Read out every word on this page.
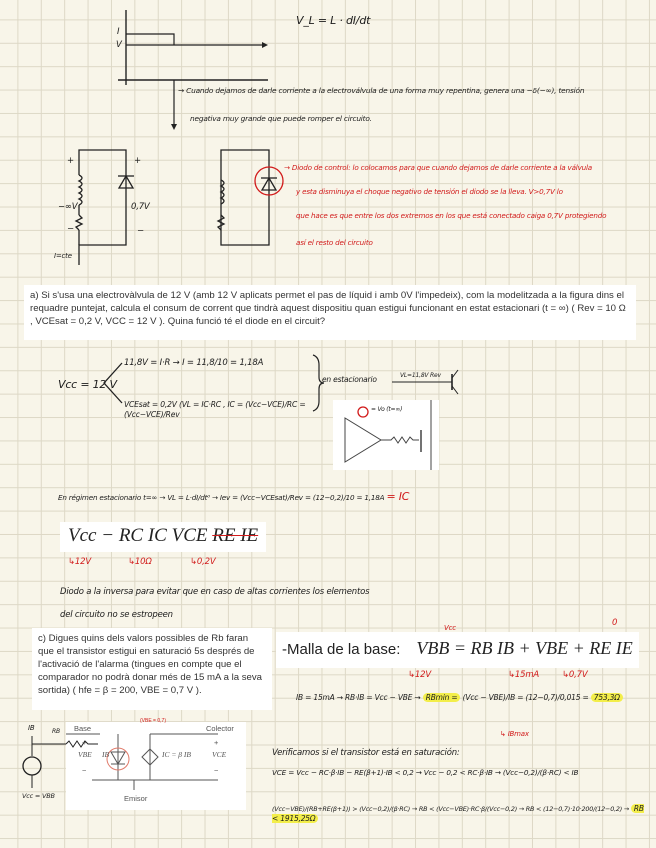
I
V
V_L = L · dI/dt
→ Cuando dejamos de darle corriente a la electroválvula de una forma muy repentina, genera una −δ(−∞), tensión
negativa muy grande que puede romper el circuito.
+	+
−∞V	0,7V
−	−
I=cte
→ Diodo de control: lo colocamos para que cuando dejamos de darle corriente a la válvula
y esta disminuya el choque negativo de tensión el diodo se la lleva. V>0,7V lo
que hace es que entre los dos extremos en los que está conectado caiga 0,7V protegiendo
así el resto del circuito
a) Si s'usa una electrovàlvula de 12 V (amb 12 V aplicats permet el pas de líquid i amb 0V l'impedeix), com la modelitzada a la figura dins el requadre puntejat, calcula el consum de corrent que tindrà aquest dispositiu quan estigui funcionant en estat estacionari (t = ∞) ( Rev = 10 Ω , VCEsat = 0,2 V, VCC = 12 V ). Quina funció té el diode en el circuit?
Vcc = 12 V
11,8V = I·R → I = 11,8/10 = 1,18A
VCEsat = 0,2V (VL = IC·RC , IC = (Vcc−VCE)/RC = (Vcc−VCE)/Rev
en estacionario	VL=11,8V Rev
= Vo (t=∞)
En régimen estacionario t=∞ → VL = L·dI/dt⁰ → Iev = (Vcc−VCEsat)/Rev = (12−0,2)/10 = 1,18A = IC
Vcc − RC IC VCE RE IE
↳12V	↳10Ω	↳0,2V
Diodo a la inversa para evitar que en caso de altas corrientes los elementos
del circuito no se estropeen
c) Digues quins dels valors possibles de Rb faran que el transistor estigui en saturació 5s després de l'activació de l'alarma (tingues en compte que el comparador no podrà donar més de 15 mA a la seva sortida) ( hfe = β = 200, VBE = 0,7 V ).
-Malla de la base: VBB = RB IB + VBE + RE IE
Vcc
↳12V	↳15mA	↳0,7V
0
IB = 15mA → RB·IB = Vcc − VBE → RBmin = (Vcc − VBE)/IB = (12−0,7)/0,015 = 753,3Ω
↳ IBmax
Verificamos si el transistor está en saturación:
VCE = Vcc − RC·β·IB − RE(β+1)·IB < 0,2 → Vcc − 0,2 < RC·β·IB → (Vcc−0,2)/(β·RC) < IB
(Vcc−VBE)/(RB+RE(β+1)) > (Vcc−0,2)/(β·RC) → RB < (Vcc−VBE)·RC·β/(Vcc−0,2) → RB < (12−0,7)·10·200/(12−0,2) → RB < 1915,25Ω
Base	Colector
Emisor
VBE IB	IC = β IB	VCE
+	+
−	−
(VBE = 0,7)
IB	RB
Vcc = VBB
